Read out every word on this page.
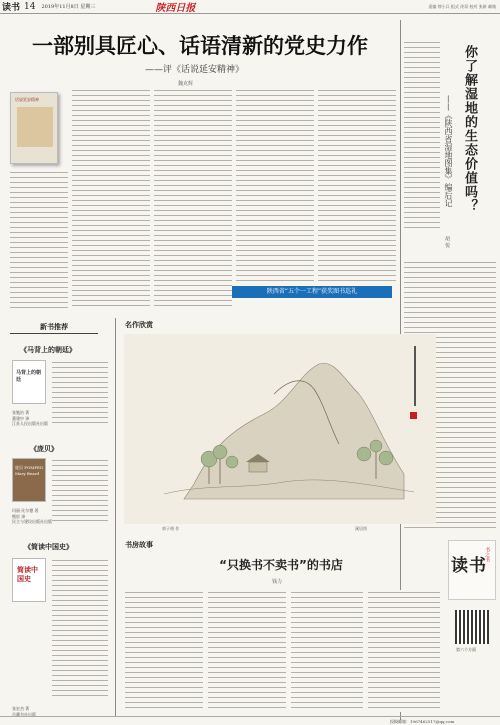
读书 14 2019年11月8日 星期三	陕西日报	责编 徐小兵 组式 佟哥 校对 张新 邮箱
一部别具匠心、话语清新的党史力作
——评《话说延安精神》
魏克辉
话说延安精神
陕西省“五个一工程”获奖图书巡礼
你了解湿地的生态价值吗？
——《陕西省湿地图集》编后记
胡 悦
新书推荐
《马背上的朝廷》
马背上的朝廷
张勉治 著
董建中 译
江苏人民出版社出版
《庞贝》
庞贝 POMPEII Mary Beard
玛丽·比尔德 著
熊宸 译
民主与建设出版社出版
《简读中国史》
简读中国史
张宏杰 著
岳麓书社出版
名作欣赏
郭子绪 作	溪居图
书房故事
“只换书不卖书”的书店
钱力
读书
书之书
第六个方面
投稿邮箱：1967462517@qq.com
